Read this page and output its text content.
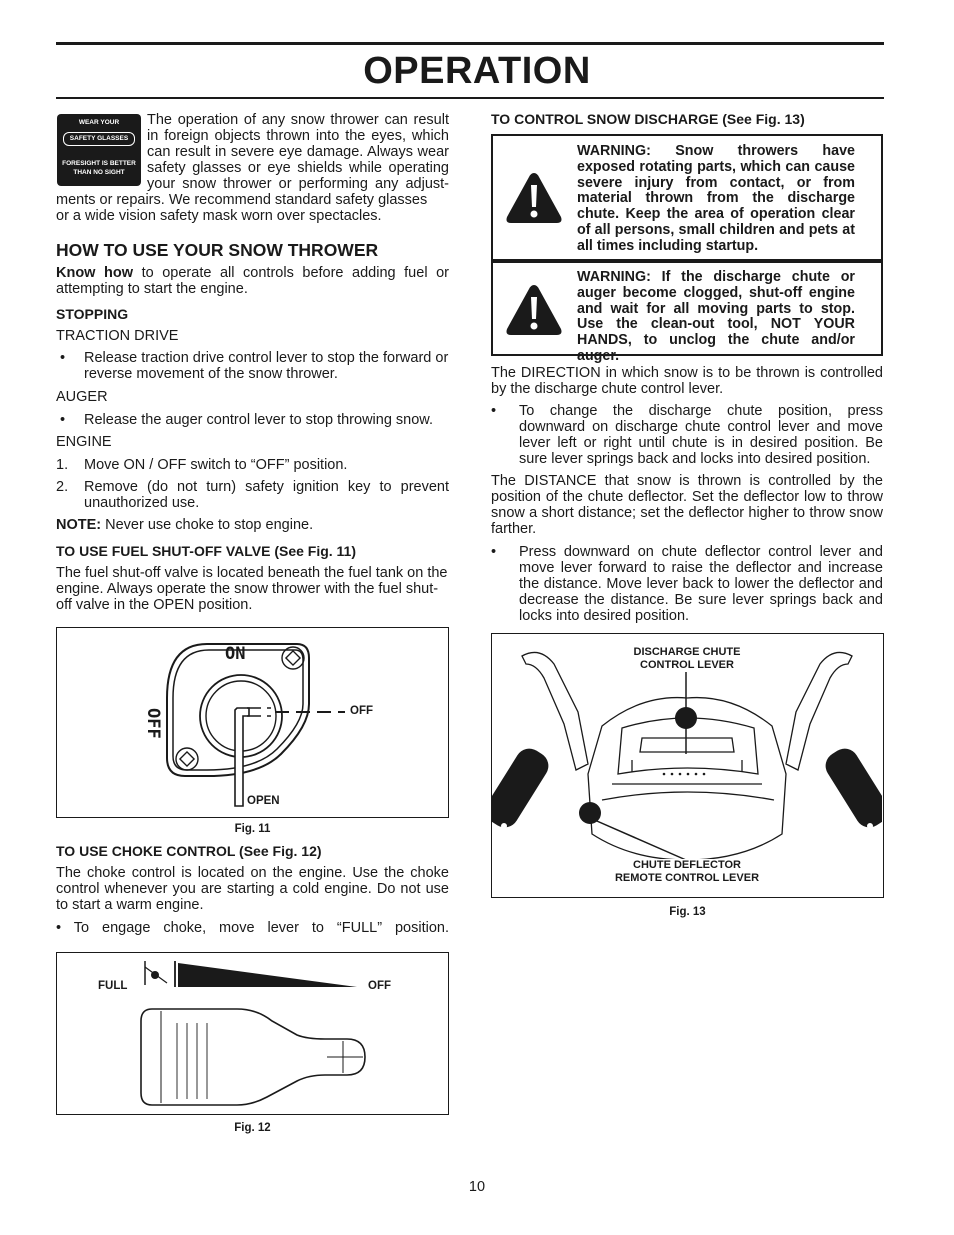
OPERATION
WEAR YOUR
SAFETY GLASSES
FORESIGHT IS BETTER
THAN NO SIGHT
The operation of any snow thrower can result
in foreign objects thrown into the eyes, which
can result in severe eye damage. Always wear
safety glasses or eye shields while operating
your snow thrower or performing any adjust-
ments or repairs. We recommend standard safety glasses
or a wide vision safety mask worn over spectacles.
HOW TO USE YOUR SNOW THROWER

Know how to operate all controls before adding fuel or attempting to start the engine.

STOPPING
TRACTION DRIVE
• Release traction drive control lever to stop the forward or reverse movement of the snow thrower.

AUGER
• Release the auger control lever to stop throwing snow.

ENGINE
1. Move ON / OFF switch to “OFF” position.

2. Remove (do not turn) safety ignition key to prevent unauthorized use.

NOTE: Never use choke to stop engine.

TO USE FUEL SHUT-OFF VALVE (See Fig. 11)

The fuel shut-off valve is located beneath the fuel tank on the engine. Always operate the snow thrower with the fuel shut-off valve in the OPEN position.

ON
OFF	OFF
OPEN
Fig. 11
TO USE CHOKE CONTROL (See Fig. 12)

The choke control is located on the engine. Use the choke control whenever you are starting a cold engine. Do not use to start a warm engine.

• To engage choke, move lever to “FULL” position.

FULL	OFF
Fig. 12
TO CONTROL SNOW DISCHARGE (See Fig. 13)
WARNING: Snow throwers have exposed rotating parts, which can cause severe injury from contact, or from material thrown from the discharge chute. Keep the area of operation clear of all persons, small children and pets at all times including startup.
WARNING: If the discharge chute or auger become clogged, shut-off engine and wait for all moving parts to stop. Use the clean-out tool, NOT YOUR HANDS, to unclog the chute and/or auger.

The DIRECTION in which snow is to be thrown is controlled by the discharge chute control lever.

• To change the discharge chute position, press downward on discharge chute control lever and move lever left or right until chute is in desired position. Be sure lever springs back and locks into desired position.

The DISTANCE that snow is thrown is controlled by the position of the chute deflector. Set the deflector low to throw snow a short distance; set the deflector higher to throw snow farther.

• Press downward on chute deflector control lever and move lever forward to raise the deflector and increase the distance. Move lever back to lower the deflector and decrease the distance. Be sure lever springs back and locks into desired position.

DISCHARGE CHUTE
CONTROL LEVER
CHUTE DEFLECTOR
REMOTE CONTROL LEVER
Fig. 13
10
